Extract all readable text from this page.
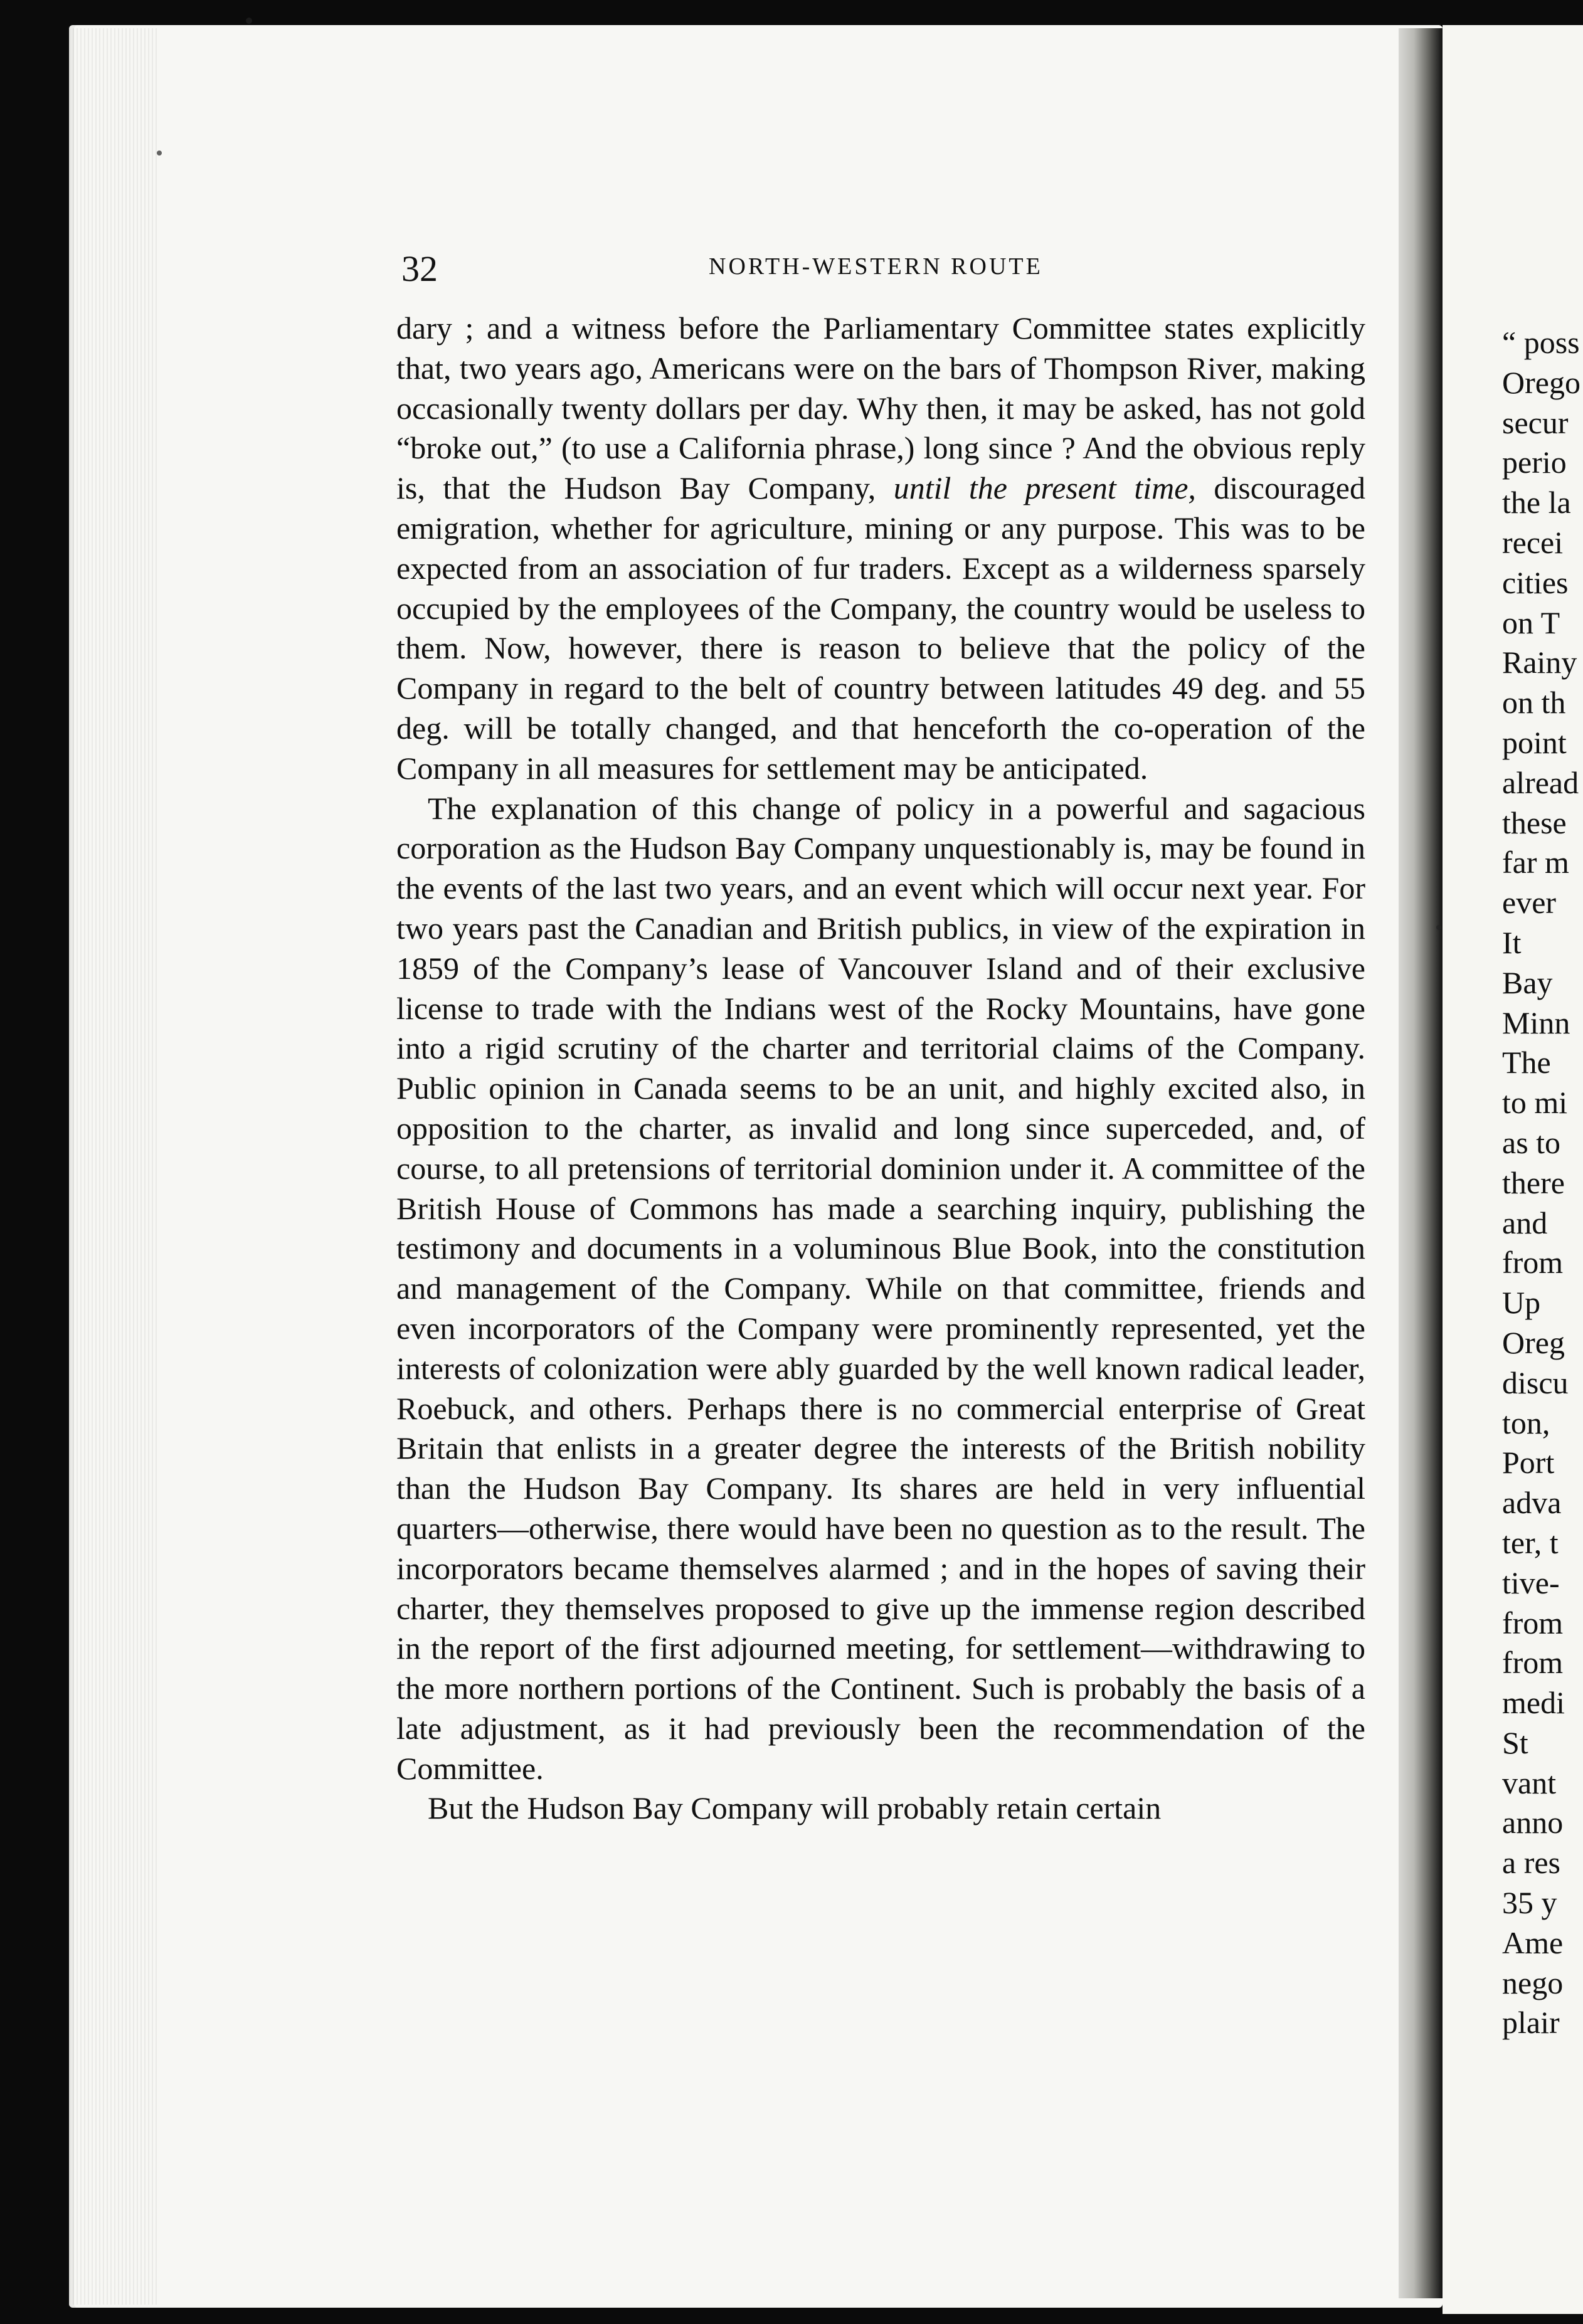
32	NORTH-WESTERN ROUTE

dary ; and a witness before the Parliamentary Committee states explicitly that, two years ago, Americans were on the bars of Thompson River, making occasionally twenty dollars per day. Why then, it may be asked, has not gold “broke out,” (to use a California phrase,) long since ? And the obvious reply is, that the Hudson Bay Company, until the present time, discouraged emigration, whether for agriculture, mining or any purpose. This was to be expected from an association of fur traders. Except as a wilderness sparsely occupied by the employees of the Company, the country would be useless to them. Now, however, there is reason to believe that the policy of the Company in regard to the belt of country between latitudes 49 deg. and 55 deg. will be totally changed, and that henceforth the co-operation of the Company in all measures for settlement may be anticipated.

The explanation of this change of policy in a powerful and sagacious corporation as the Hudson Bay Company unquestionably is, may be found in the events of the last two years, and an event which will occur next year. For two years past the Canadian and British publics, in view of the expiration in 1859 of the Company’s lease of Vancouver Island and of their exclusive license to trade with the Indians west of the Rocky Mountains, have gone into a rigid scrutiny of the charter and territorial claims of the Company. Public opinion in Canada seems to be an unit, and highly excited also, in opposition to the charter, as invalid and long since superceded, and, of course, to all pretensions of territorial dominion under it. A committee of the British House of Commons has made a searching inquiry, publishing the testimony and documents in a voluminous Blue Book, into the constitution and management of the Company. While on that committee, friends and even incorporators of the Company were prominently represented, yet the interests of colonization were ably guarded by the well known radical leader, Roebuck, and others. Perhaps there is no commercial enterprise of Great Britain that enlists in a greater degree the interests of the British nobility than the Hudson Bay Company. Its shares are held in very influential quarters—otherwise, there would have been no question as to the result. The incorporators became themselves alarmed ; and in the hopes of saving their charter, they themselves proposed to give up the immense region described in the report of the first adjourned meeting, for settlement—withdrawing to the more northern portions of the Continent. Such is probably the basis of a late adjustment, as it had previously been the recommendation of the Committee.

But the Hudson Bay Company will probably retain certain

“ poss
Orego
secur
perio
the la
recei
cities
on T
Rainy
on th
point
alread
these
far m
ever
It
Bay
Minn
The
to mi
as to
there
and
from
Up
Oreg
discu
ton,
Port
adva
ter, t
tive-
from
from
medi
St
vant
anno
a res
35 y
Ame
nego
plair
